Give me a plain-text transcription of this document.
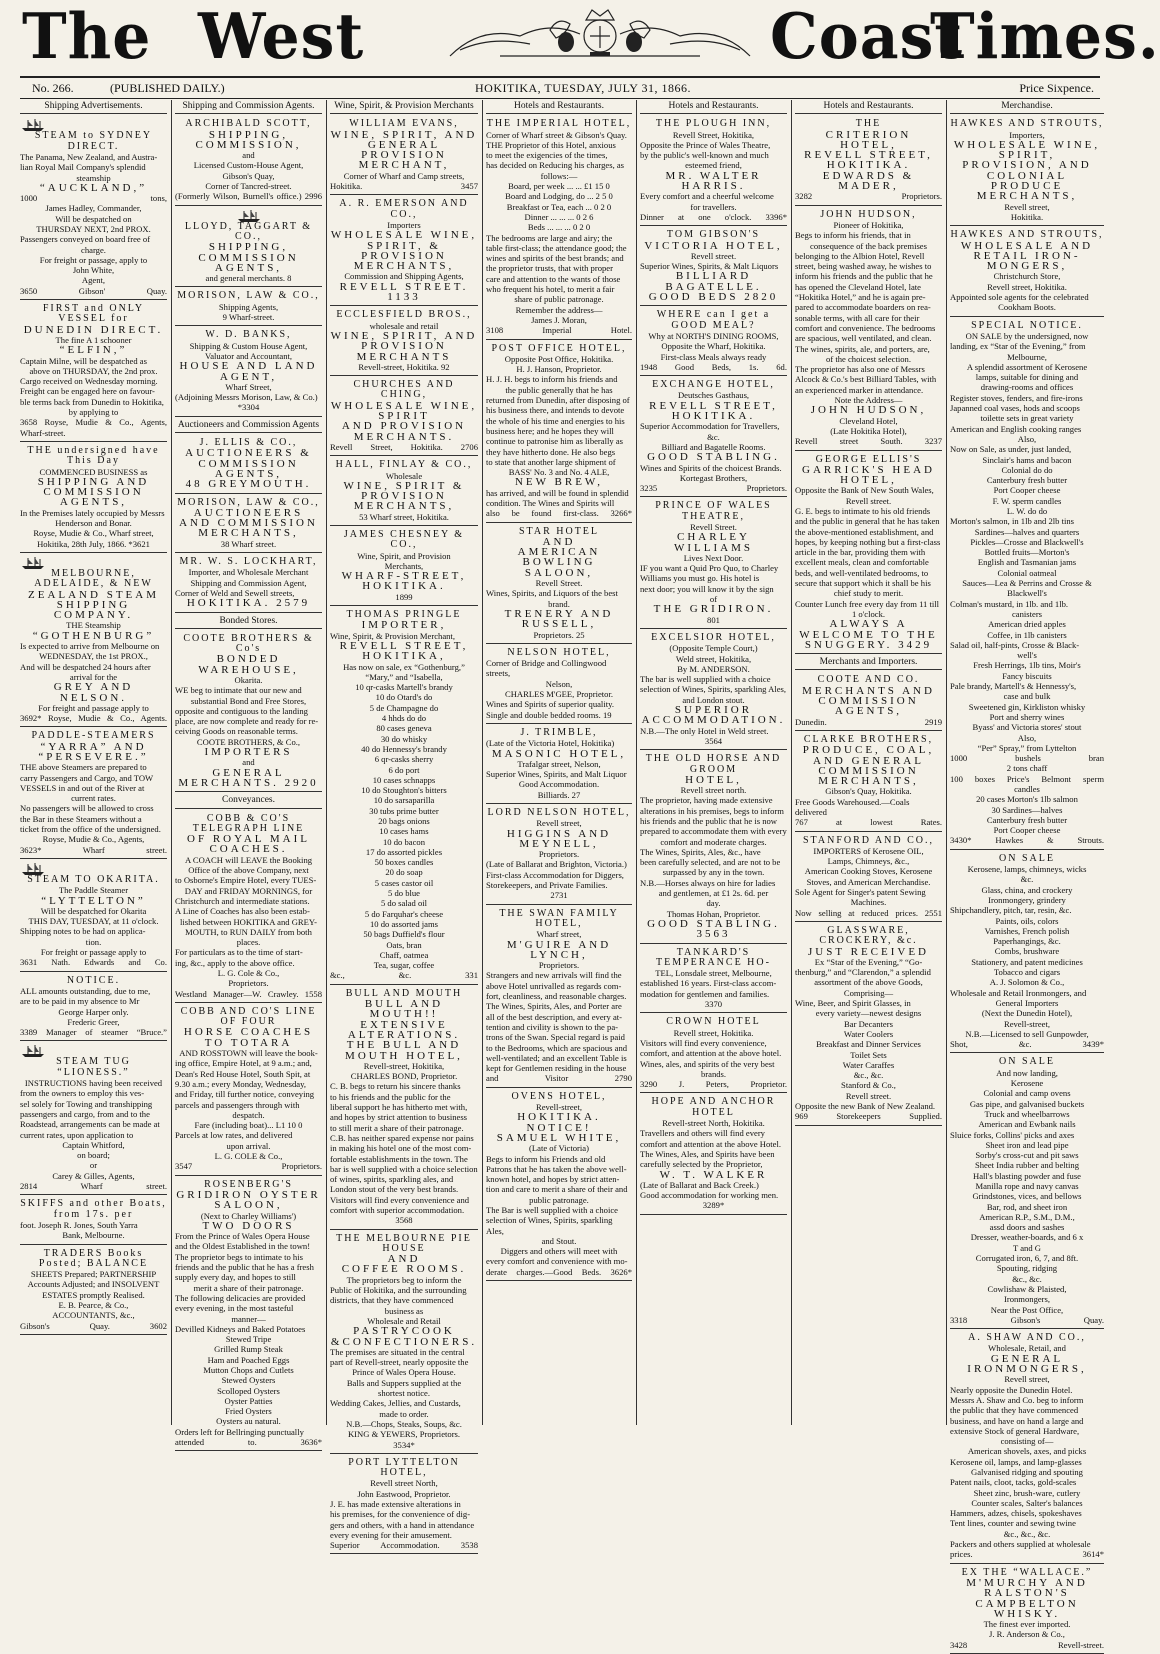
The West	Coast
Times.
No. 266.	(PUBLISHED DAILY.)	HOKITIKA, TUESDAY, JULY 31, 1866.	Price Sixpence.
Shipping Advertisements.

STEAM to SYDNEY DIRECT.

The Panama, New Zealand, and Austra-

lian Royal Mail Company's splendid

steamship

“AUCKLAND,”

1000 tons,

James Hadley, Commander,

Will be despatched on

THURSDAY NEXT, 2nd PROX.

Passengers conveyed on board free of

charge.

For freight or passage, apply to

John White,

Agent,

3650 Gibson' Quay.

FIRST and ONLY VESSEL for

DUNEDIN DIRECT.

The fine A 1 schooner

“ELFIN,”

Captain Milne, will be despatched as

above on THURSDAY, the 2nd prox.

Cargo received on Wednesday morning.

Freight can be engaged here on favour-

ble terms back from Dunedin to Hokitika,

by applying to

3658 Royse, Mudie & Co., Agents, Wharf-street.

THE undersigned have This Day

COMMENCED BUSINESS as

SHIPPING AND COMMISSION

AGENTS,

In the Premises lately occupied by Messrs

Henderson and Bonar.

Royse, Mudie & Co., Wharf street,

Hokitika, 28th July, 1866. *3621

MELBOURNE, ADELAIDE, & NEW

ZEALAND STEAM SHIPPING

COMPANY.

THE Steamship

“GOTHENBURG”

Is expected to arrive from Melbourne on

WEDNESDAY, the 1st PROX.,

And will be despatched 24 hours after

arrival for the

GREY AND NELSON.

For freight and passage apply to

3692* Royse, Mudie & Co., Agents.

PADDLE-STEAMERS

“YARRA” AND “PERSEVERE.”

THE above Steamers are prepared to

carry Passengers and Cargo, and TOW

VESSELS in and out of the River at

current rates.

No passengers will be allowed to cross

the Bar in these Steamers without a

ticket from the office of the undersigned.

Royse, Mudie & Co., Agents,

3623* Wharf street.

STEAM TO OKARITA.

The Paddle Steamer

“LYTTELTON”

Will be despatched for Okarita

THIS DAY, TUESDAY, at 11 o'clock.

Shipping notes to be had on applica-

tion.

For freight or passage apply to

3631 Nath. Edwards and Co.

NOTICE.

ALL amounts outstanding, due to me,

are to be paid in my absence to Mr

George Harper only.

Frederic Greer,

3389 Manager of steamer “Bruce.”

STEAM TUG “LIONESS.”

INSTRUCTIONS having been received

from the owners to employ this ves-

sel solely for Towing and transhipping

passengers and cargo, from and to the

Roadstead, arrangements can be made at

current rates, upon application to

Captain Whitford,

on board;

or

Carey & Gilles, Agents,

2814 Wharf street.

SKIFFS and other Boats, from 17s. per

foot. Joseph R. Jones, South Yarra

Bank, Melbourne.

TRADERS Books Posted; BALANCE

SHEETS Prepared; PARTNERSHIP

Accounts Adjusted; and INSOLVENT

ESTATES promptly Realised.

E. B. Pearce, & Co.,

ACCOUNTANTS, &c.,

Gibson's Quay. 3602

Shipping and Commission Agents.

ARCHIBALD SCOTT,

SHIPPING, COMMISSION,

and

Licensed Custom-House Agent,

Gibson's Quay,

Corner of Tancred-street.

(Formerly Wilson, Burnell's office.) 2996

LLOYD, TAGGART & CO.,

SHIPPING, COMMISSION AGENTS,

and general merchants. 8

MORISON, LAW & CO.,

Shipping Agents,

9 Wharf-street.

W. D. BANKS,

Shipping & Custom House Agent,

Valuator and Accountant,

HOUSE AND LAND AGENT,

Wharf Street,

(Adjoining Messrs Morison, Law, & Co.)

*3304

Auctioneers and Commission Agents

J. ELLIS & CO.,

AUCTIONEERS & COMMISSION

AGENTS,

48 GREYMOUTH.

MORISON, LAW & CO.,

AUCTIONEERS AND COMMISSION

MERCHANTS,

38 Wharf street.

MR. W. S. LOCKHART,

Importer, and Wholesale Merchant

Shipping and Commission Agent,

Corner of Weld and Sewell streets,

HOKITIKA. 2579

Bonded Stores.

COOTE BROTHERS & Co's

BONDED WAREHOUSE,

Okarita.

WE beg to intimate that our new and

substantial Bond and Free Stores,

opposite and contiguous to the landing

place, are now complete and ready for re-

ceiving Goods on reasonable terms.

COOTE BROTHERS, & Co.,

IMPORTERS

and

GENERAL MERCHANTS. 2920

Conveyances.

COBB & CO'S TELEGRAPH LINE

OF ROYAL MAIL COACHES.

A COACH will LEAVE the Booking

Office of the above Company, next

to Osborne's Empire Hotel, every TUES-

DAY and FRIDAY MORNINGS, for

Christchurch and intermediate stations.

A Line of Coaches has also been estab-

lished between HOKITIKA and GREY-

MOUTH, to RUN DAILY from both

places.

For particulars as to the time of start-

ing, &c., apply to the above office.

L. G. Cole & Co.,

Proprietors.

Westland Manager—W. Crawley. 1558

COBB AND CO'S LINE OF FOUR

HORSE COACHES TO TOTARA

AND ROSSTOWN will leave the book-

ing office, Empire Hotel, at 9 a.m.; and,

Dean's Red House Hotel, South Spit, at

9.30 a.m.; every Monday, Wednesday,

and Friday, till further notice, conveying

parcels and passengers through with

despatch.

Fare (including boat)... L1 10 0

Parcels at low rates, and delivered

upon arrival.

L. G. COLE & Co.,

3547 Proprietors.

ROSENBERG'S

GRIDIRON OYSTER SALOON,

(Next to Charley Williams')

TWO DOORS

From the Prince of Wales Opera House

and the Oldest Established in the town!

The proprietor begs to intimate to his

friends and the public that he has a fresh

supply every day, and hopes to still

merit a share of their patronage.

The following delicacies are provided

every evening, in the most tasteful

manner—

Devilled Kidneys and Baked Potatoes

Stewed Tripe

Grilled Rump Steak

Ham and Poached Eggs

Mutton Chops and Cutlets

Stewed Oysters

Scolloped Oysters

Oyster Patties

Fried Oysters

Oysters au natural.

Orders left for Bellringing punctually

attended to. 3636*

Wine, Spirit, & Provision Merchants

WILLIAM EVANS,

WINE, SPIRIT, AND GENERAL

PROVISION MERCHANT,

Corner of Wharf and Camp streets,

Hokitika. 3457

A. R. EMERSON AND CO.,

Importers

WHOLESALE WINE, SPIRIT, & PROVISION

MERCHANTS,

Commission and Shipping Agents,

REVELL STREET. 1133

ECCLESFIELD BROS.,

wholesale and retail

WINE, SPIRIT, AND

PROVISION MERCHANTS

Revell-street, Hokitika. 92

CHURCHES AND CHING,

WHOLESALE WINE, SPIRIT

AND PROVISION MERCHANTS.

Revell Street, Hokitika. 2706

HALL, FINLAY & CO.,

Wholesale

WINE, SPIRIT & PROVISION MERCHANTS,

53 Wharf street, Hokitika.

JAMES CHESNEY & CO.,

Wine, Spirit, and Provision

Merchants,

WHARF-STREET, HOKITIKA.

1899

THOMAS PRINGLE

IMPORTER,

Wine, Spirit, & Provision Merchant,

REVELL STREET, HOKITIKA,

Has now on sale, ex “Gothenburg,”

“Mary,” and “Isabella,

10 qr-casks Martell's brandy

10 do Otard's do

5 de Champagne do

4 hhds do do

80 cases geneva

30 do whisky

40 do Hennessy's brandy

6 qr-casks sherry

6 do port

10 cases schnapps

10 do Stoughton's bitters

10 do sarsaparilla

30 tubs prime butter

20 bags onions

10 cases hams

10 do bacon

17 do assorted pickles

50 boxes candles

20 do soap

5 cases castor oil

5 do blue

5 do salad oil

5 do Farquhar's cheese

10 do assorted jams

50 bags Duffield's flour

Oats, bran

Chaff, oatmea

Tea, sugar, coffee

&c., &c. 331

BULL AND MOUTH

BULL AND MOUTH!!

EXTENSIVE ALTERATIONS.

THE BULL AND MOUTH HOTEL,

Revell-street, Hokitika,

CHARLES BOND, Proprietor.

C. B. begs to return his sincere thanks

to his friends and the public for the

liberal support he has hitherto met with,

and hopes by strict attention to business

to still merit a share of their patronage.

C.B. has neither spared expense nor pains

in making his hotel one of the most com-

fortable establishments in the town. The

bar is well supplied with a choice selection

of wines, spirits, sparkling ales, and

London stout of the very best brands.

Visitors will find every convenience and

comfort with superior accommodation.

3568

THE MELBOURNE PIE HOUSE

AND

COFFEE ROOMS.

The proprietors beg to inform the

Public of Hokitika, and the surrounding

districts, that they have commenced

business as

Wholesale and Retail

PASTRYCOOK &CONFECTIONERS.

The premises are situated in the central

part of Revell-street, nearly opposite the

Prince of Wales Opera House.

Balls and Suppers supplied at the

shortest notice.

Wedding Cakes, Jellies, and Custards,

made to order.

N.B.—Chops, Steaks, Soups, &c.

KING & YEWERS, Proprietors.

3534*

PORT LYTTELTON HOTEL,

Revell street North,

John Eastwood, Proprietor.

J. E. has made extensive alterations in

his premises, for the convenience of dig-

gers and others, with a hand in attendance

every evening for their amusement.

Superior Accommodation. 3538

Hotels and Restaurants.

THE IMPERIAL HOTEL,

Corner of Wharf street & Gibson's Quay.

THE Proprietor of this Hotel, anxious

to meet the exigencies of the times,

has decided on Reducing his charges, as

follows:—

Board, per week ... ... £1 15 0

Board and Lodging, do ... 2 5 0

Breakfast or Tea, each ... 0 2 0

Dinner ... ... ... 0 2 6

Beds ... ... ... 0 2 0

The bedrooms are large and airy; the

table first-class; the attendance good; the

wines and spirits of the best brands; and

the proprietor trusts, that with proper

care and attention to the wants of those

who frequent his hotel, to merit a fair

share of public patronage.

Remember the address—

James J. Moran,

3108 Imperial Hotel.

POST OFFICE HOTEL,

Opposite Post Office, Hokitika.

H. J. Hanson, Proprietor.

H. J. H. begs to inform his friends and

the public generally that he has

returned from Dunedin, after disposing of

his business there, and intends to devote

the whole of his time and energies to his

business here; and he hopes they will

continue to patronise him as liberally as

they have hitherto done. He also begs

to state that another large shipment of

BASS' No. 3 and No. 4 ALE,

NEW BREW,

has arrived, and will be found in splendid

condition. The Wines and Spirits will

also be found first-class. 3266*

STAR HOTEL

AND

AMERICAN BOWLING SALOON,

Revell Street.

Wines, Spirits, and Liquors of the best

brand.

TRENERY AND RUSSELL,

Proprietors. 25

NELSON HOTEL,

Corner of Bridge and Collingwood streets,

Nelson,

CHARLES M'GEE, Proprietor.

Wines and Spirits of superior quality.

Single and double bedded rooms. 19

J. TRIMBLE,

(Late of the Victoria Hotel, Hokitika)

MASONIC HOTEL,

Trafalgar street, Nelson,

Superior Wines, Spirits, and Malt Liquor

Good Accommodation.

Billiards. 27

LORD NELSON HOTEL,

Revell street,

HIGGINS AND MEYNELL,

Proprietors.

(Late of Ballarat and Brighton, Victoria.)

First-class Accommodation for Diggers,

Storekeepers, and Private Families.

2731

THE SWAN FAMILY HOTEL,

Wharf street,

M'GUIRE AND LYNCH,

Proprietors.

Strangers and new arrivals will find the

above Hotel unrivalled as regards com-

fort, cleanliness, and reasonable charges.

The Wines, Spirits, Ales, and Porter are

all of the best description, and every at-

tention and civility is shown to the pa-

trons of the Swan. Special regard is paid

to the Bedrooms, which are spacious and

well-ventilated; and an excellent Table is

kept for Gentlemen residing in the house

and Visitor 2790

OVENS HOTEL,

Revell-street,

HOKITIKA.

NOTICE!

SAMUEL WHITE,

(Late of Victoria)

Begs to inform his Friends and old

Patrons that he has taken the above well-

known hotel, and hopes by strict atten-

tion and care to merit a share of their and

public patronage.

The Bar is well supplied with a choice

selection of Wines, Spirits, sparkling Ales,

and Stout.

Diggers and others will meet with

every comfort and convenience with mo-

derate charges.—Good Beds. 3626*

Hotels and Restaurants.

THE PLOUGH INN,

Revell Street, Hokitika,

Opposite the Prince of Wales Theatre,

by the public's well-known and much

esteemed friend,

MR. WALTER HARRIS.

Every comfort and a cheerful welcome

for travellers.

Dinner at one o'clock. 3396*

TOM GIBSON'S

VICTORIA HOTEL,

Revell street.

Superior Wines, Spirits, & Malt Liquors

BILLIARD BAGATELLE.

GOOD BEDS 2820

WHERE can I get a GOOD MEAL?

Why at NORTH'S DINING ROOMS,

Opposite the Wharf, Hokitika.

First-class Meals always ready

1948 Good Beds, 1s. 6d.

EXCHANGE HOTEL,

Deutsches Gasthaus,

REVELL STREET, HOKITIKA.

Superior Accommodation for Travellers,

&c.

Billiard and Bagatelle Rooms.

GOOD STABLING.

Wines and Spirits of the choicest Brands.

Kortegast Brothers,

3235 Proprietors.

PRINCE OF WALES THEATRE,

Revell Street.

CHARLEY WILLIAMS

Lives Next Door.

IF you want a Quid Pro Quo, to Charley

Williams you must go. His hotel is

next door; you will know it by the sign

of

THE GRIDIRON.

801

EXCELSIOR HOTEL,

(Opposite Temple Court,)

Weld street, Hokitika,

By M. ANDERSON.

The bar is well supplied with a choice

selection of Wines, Spirits, sparkling Ales,

and London stout.

SUPERIOR ACCOMMODATION.

N.B.—The only Hotel in Weld street.

3564

THE OLD HORSE AND GROOM

HOTEL,

Revell street north.

The proprietor, having made extensive

alterations in his premises, begs to inform

his friends and the public that he is now

prepared to accommodate them with every

comfort and moderate charges.

The Wines, Spirits, Ales, &c., have

been carefully selected, and are not to be

surpassed by any in the town.

N.B.—Horses always on hire for ladies

and gentlemen, at £1 2s. 6d. per

day.

Thomas Hohan, Proprietor.

GOOD STABLING. 3563

TANKARD'S TEMPERANCE HO-

TEL, Lonsdale street, Melbourne,

established 16 years. First-class accom-

modation for gentlemen and families.

3370

CROWN HOTEL

Revell street, Hokitika.

Visitors will find every convenience,

comfort, and attention at the above hotel.

Wines, ales, and spirits of the very best

brands.

3290 J. Peters, Proprietor.

HOPE AND ANCHOR HOTEL

Revell-street North, Hokitika.

Travellers and others will find every

comfort and attention at the above Hotel.

The Wines, Ales, and Spirits have been

carefully selected by the Proprietor,

W. T. WALKER

(Late of Ballarat and Back Creek.)

Good accommodation for working men.

3289*

Hotels and Restaurants.

THE

CRITERION HOTEL,

REVELL STREET,

HOKITIKA.

EDWARDS & MADER,

3282 Proprietors.

JOHN HUDSON,

Pioneer of Hokitika,

Begs to inform his friends, that in

consequence of the back premises

belonging to the Albion Hotel, Revell

street, being washed away, he wishes to

inform his friends and the public that he

has opened the Cleveland Hotel, late

“Hokitika Hotel,” and he is again pre-

pared to accommodate boarders on rea-

sonable terms, with all care for their

comfort and convenience. The bedrooms

are spacious, well ventilated, and clean.

The wines, spirits, ale, and porters, are,

of the choicest selection.

The proprietor has also one of Messrs

Alcock & Co.'s best Billiard Tables, with

an experienced marker in attendance.

Note the Address—

JOHN HUDSON,

Cleveland Hotel,

(Late Hokitika Hotel),

Revell street South. 3237

GEORGE ELLIS'S

GARRICK'S HEAD HOTEL,

Opposite the Bank of New South Wales,

Revell street.

G. E. begs to intimate to his old friends

and the public in general that he has taken

the above-mentioned establishment, and

hopes, by keeping nothing but a first-class

article in the bar, providing them with

excellent meals, clean and comfortable

beds, and well-ventilated bedrooms, to

secure that support which it shall be his

chief study to merit.

Counter Lunch free every day from 11 till

1 o'clock.

ALWAYS A WELCOME TO THE

SNUGGERY. 3429

Merchants and Importers.

COOTE AND CO.

MERCHANTS AND COMMISSION

AGENTS,

Dunedin. 2919

CLARKE BROTHERS,

PRODUCE, COAL, AND GENERAL

COMMISSION MERCHANTS,

Gibson's Quay, Hokitika.

Free Goods Warehoused.—Coals delivered

767 at lowest Rates.

STANFORD AND CO.,

IMPORTERS of Kerosene OIL,

Lamps, Chimneys, &c.,

American Cooking Stoves, Kerosene

Stoves, and American Merchandise.

Sole Agent for Singer's patent Sewing

Machines.

Now selling at reduced prices. 2551

GLASSWARE, CROCKERY, &c.

JUST RECEIVED

Ex “Star of the Evening,” “Go-

thenburg,” and “Clarendon,” a splendid

assortment of the above Goods,

Comprising—

Wine, Beer, and Spirit Glasses, in

every variety—newest designs

Bar Decanters

Water Coolers

Breakfast and Dinner Services

Toilet Sets

Water Caraffes

&c., &c.

Stanford & Co.,

Revell street.

Opposite the new Bank of New Zealand.

969 Storekeepers Supplied.

Merchandise.

HAWKES AND STROUTS,

Importers,

WHOLESALE WINE, SPIRIT,

PROVISION, AND COLONIAL

PRODUCE MERCHANTS,

Revell street,

Hokitika.

HAWKES AND STROUTS,

WHOLESALE AND RETAIL IRON-

MONGERS,

Christchurch Store,

Revell street, Hokitika.

Appointed sole agents for the celebrated

Cookham Boots.

SPECIAL NOTICE.

ON SALE by the undersigned, now

landing, ex “Star of the Evening,” from

Melbourne,

A splendid assortment of Kerosene

lamps, suitable for dining and

drawing-rooms and offices

Register stoves, fenders, and fire-irons

Japanned coal vases, hods and scoops

toilette sets in great variety

American and English cooking ranges

Also,

Now on Sale, as under, just landed,

Sinclair's hams and bacon

Colonial do do

Canterbury fresh butter

Port Cooper cheese

F. W. sperm candles

L. W. do do

Morton's salmon, in 1lb and 2lb tins

Sardines—halves and quarters

Pickles—Crosse and Blackwell's

Bottled fruits—Morton's

English and Tasmanian jams

Colonial oatmeal

Sauces—Lea & Perrins and Crosse &

Blackwell's

Colman's mustard, in 1lb. and 1lb.

canisters

American dried apples

Coffee, in 1lb canisters

Salad oil, half-pints, Crosse & Black-

well's

Fresh Herrings, 1lb tins, Moir's

Fancy biscuits

Pale brandy, Martell's & Hennessy's,

case and bulk

Sweetened gin, Kirkliston whisky

Port and sherry wines

Byass' and Victoria stores' stout

Also,

“Per” Spray,” from Lyttelton

1000 bushels bran

2 tons chaff

100 boxes Price's Belmont sperm

candles

20 cases Morton's 1lb salmon

30 Sardines—halves

Canterbury fresh butter

Port Cooper cheese

3430* Hawkes & Strouts.

ON SALE

Kerosene, lamps, chimneys, wicks

&c.

Glass, china, and crockery

Ironmongery, grindery

Shipchandlery, pitch, tar, resin, &c.

Paints, oils, colors

Varnishes, French polish

Paperhangings, &c.

Combs, brushware

Stationery, and patent medicines

Tobacco and cigars

A. J. Solomon & Co.,

Wholesale and Retail Ironmongers, and

General Importers

(Next the Dunedin Hotel),

Revell-street,

N.B.—Licensed to sell Gunpowder,

Shot, &c. 3439*

ON SALE

And now landing,

Kerosene

Colonial and camp ovens

Gas pipe, and galvanised buckets

Truck and wheelbarrows

American and Ewbank nails

Sluice forks, Collins' picks and axes

Sheet iron and lead pipe

Sorby's cross-cut and pit saws

Sheet India rubber and belting

Hall's blasting powder and fuse

Manilla rope and navy canvas

Grindstones, vices, and bellows

Bar, rod, and sheet iron

American R.P., S.M., D.M.,

assd doors and sashes

Dresser, weather-boards, and 6 x

T and G

Corrugated iron, 6, 7, and 8ft.

Spouting, ridging

&c., &c.

Cowlishaw & Plaisted,

Ironmongers,

Near the Post Office,

3318 Gibson's Quay.

A. SHAW AND CO.,

Wholesale, Retail, and

GENERAL IRONMONGERS,

Revell street,

Nearly opposite the Dunedin Hotel.

Messrs A. Shaw and Co. beg to inform

the public that they have commenced

business, and have on hand a large and

extensive Stock of general Hardware,

consisting of—

American shovels, axes, and picks

Kerosene oil, lamps, and lamp-glasses

Galvanised ridging and spouting

Patent nails, cloot, tacks, gold-scales

Sheet zinc, brush-ware, cutlery

Counter scales, Salter's balances

Hammers, adzes, chisels, spokeshaves

Tent lines, counter and sewing twine

&c., &c., &c.

Packers and others supplied at wholesale

prices. 3614*

EX THE “WALLACE.”

M'MURCHY AND RALSTON'S

CAMPBELTON WHISKY.

The finest ever imported.

J. R. Anderson & Co.,

3428 Revell-street.
